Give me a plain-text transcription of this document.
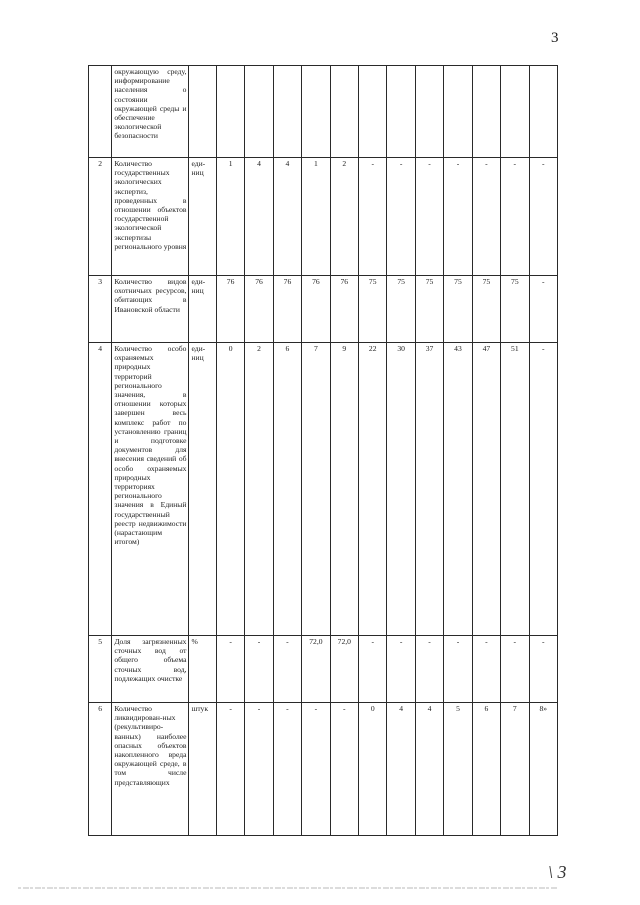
3
	окружающую среду, информирование населения о состоянии окружающей среды и обеспечение экологической безопасности													
2	Количество государственных экологических экспертиз, проведенных в отношении объектов государственной экологической экспертизы регионального уровня	еди-ниц	1	4	4	1	2	-	-	-	-	-	-	-
3	Количество видов охотничьих ресурсов, обитающих в Ивановской области	еди-ниц	76	76	76	76	76	75	75	75	75	75	75	-
4	Количество особо охраняемых природных территорий регионального значения, в отношении которых завершен весь комплекс работ по установлению границ и подготовке документов для внесения сведений об особо охраняемых природных территориях регионального значения в Единый государственный реестр недвижимости (нарастающим итогом)	еди-ниц	0	2	6	7	9	22	30	37	43	47	51	-
5	Доля загрязненных сточных вод от общего объема сточных вод, подлежащих очистке	%	-	-	-	72,0	72,0	-	-	-	-	-	-	-
6	Количество ликвидирован-ных (рекультивиро-ванных) наиболее опасных объектов накопленного вреда окружающей среде, в том числе представляющих	штук	-	-	-	-	-	0	4	4	5	6	7	8»
\ 3
